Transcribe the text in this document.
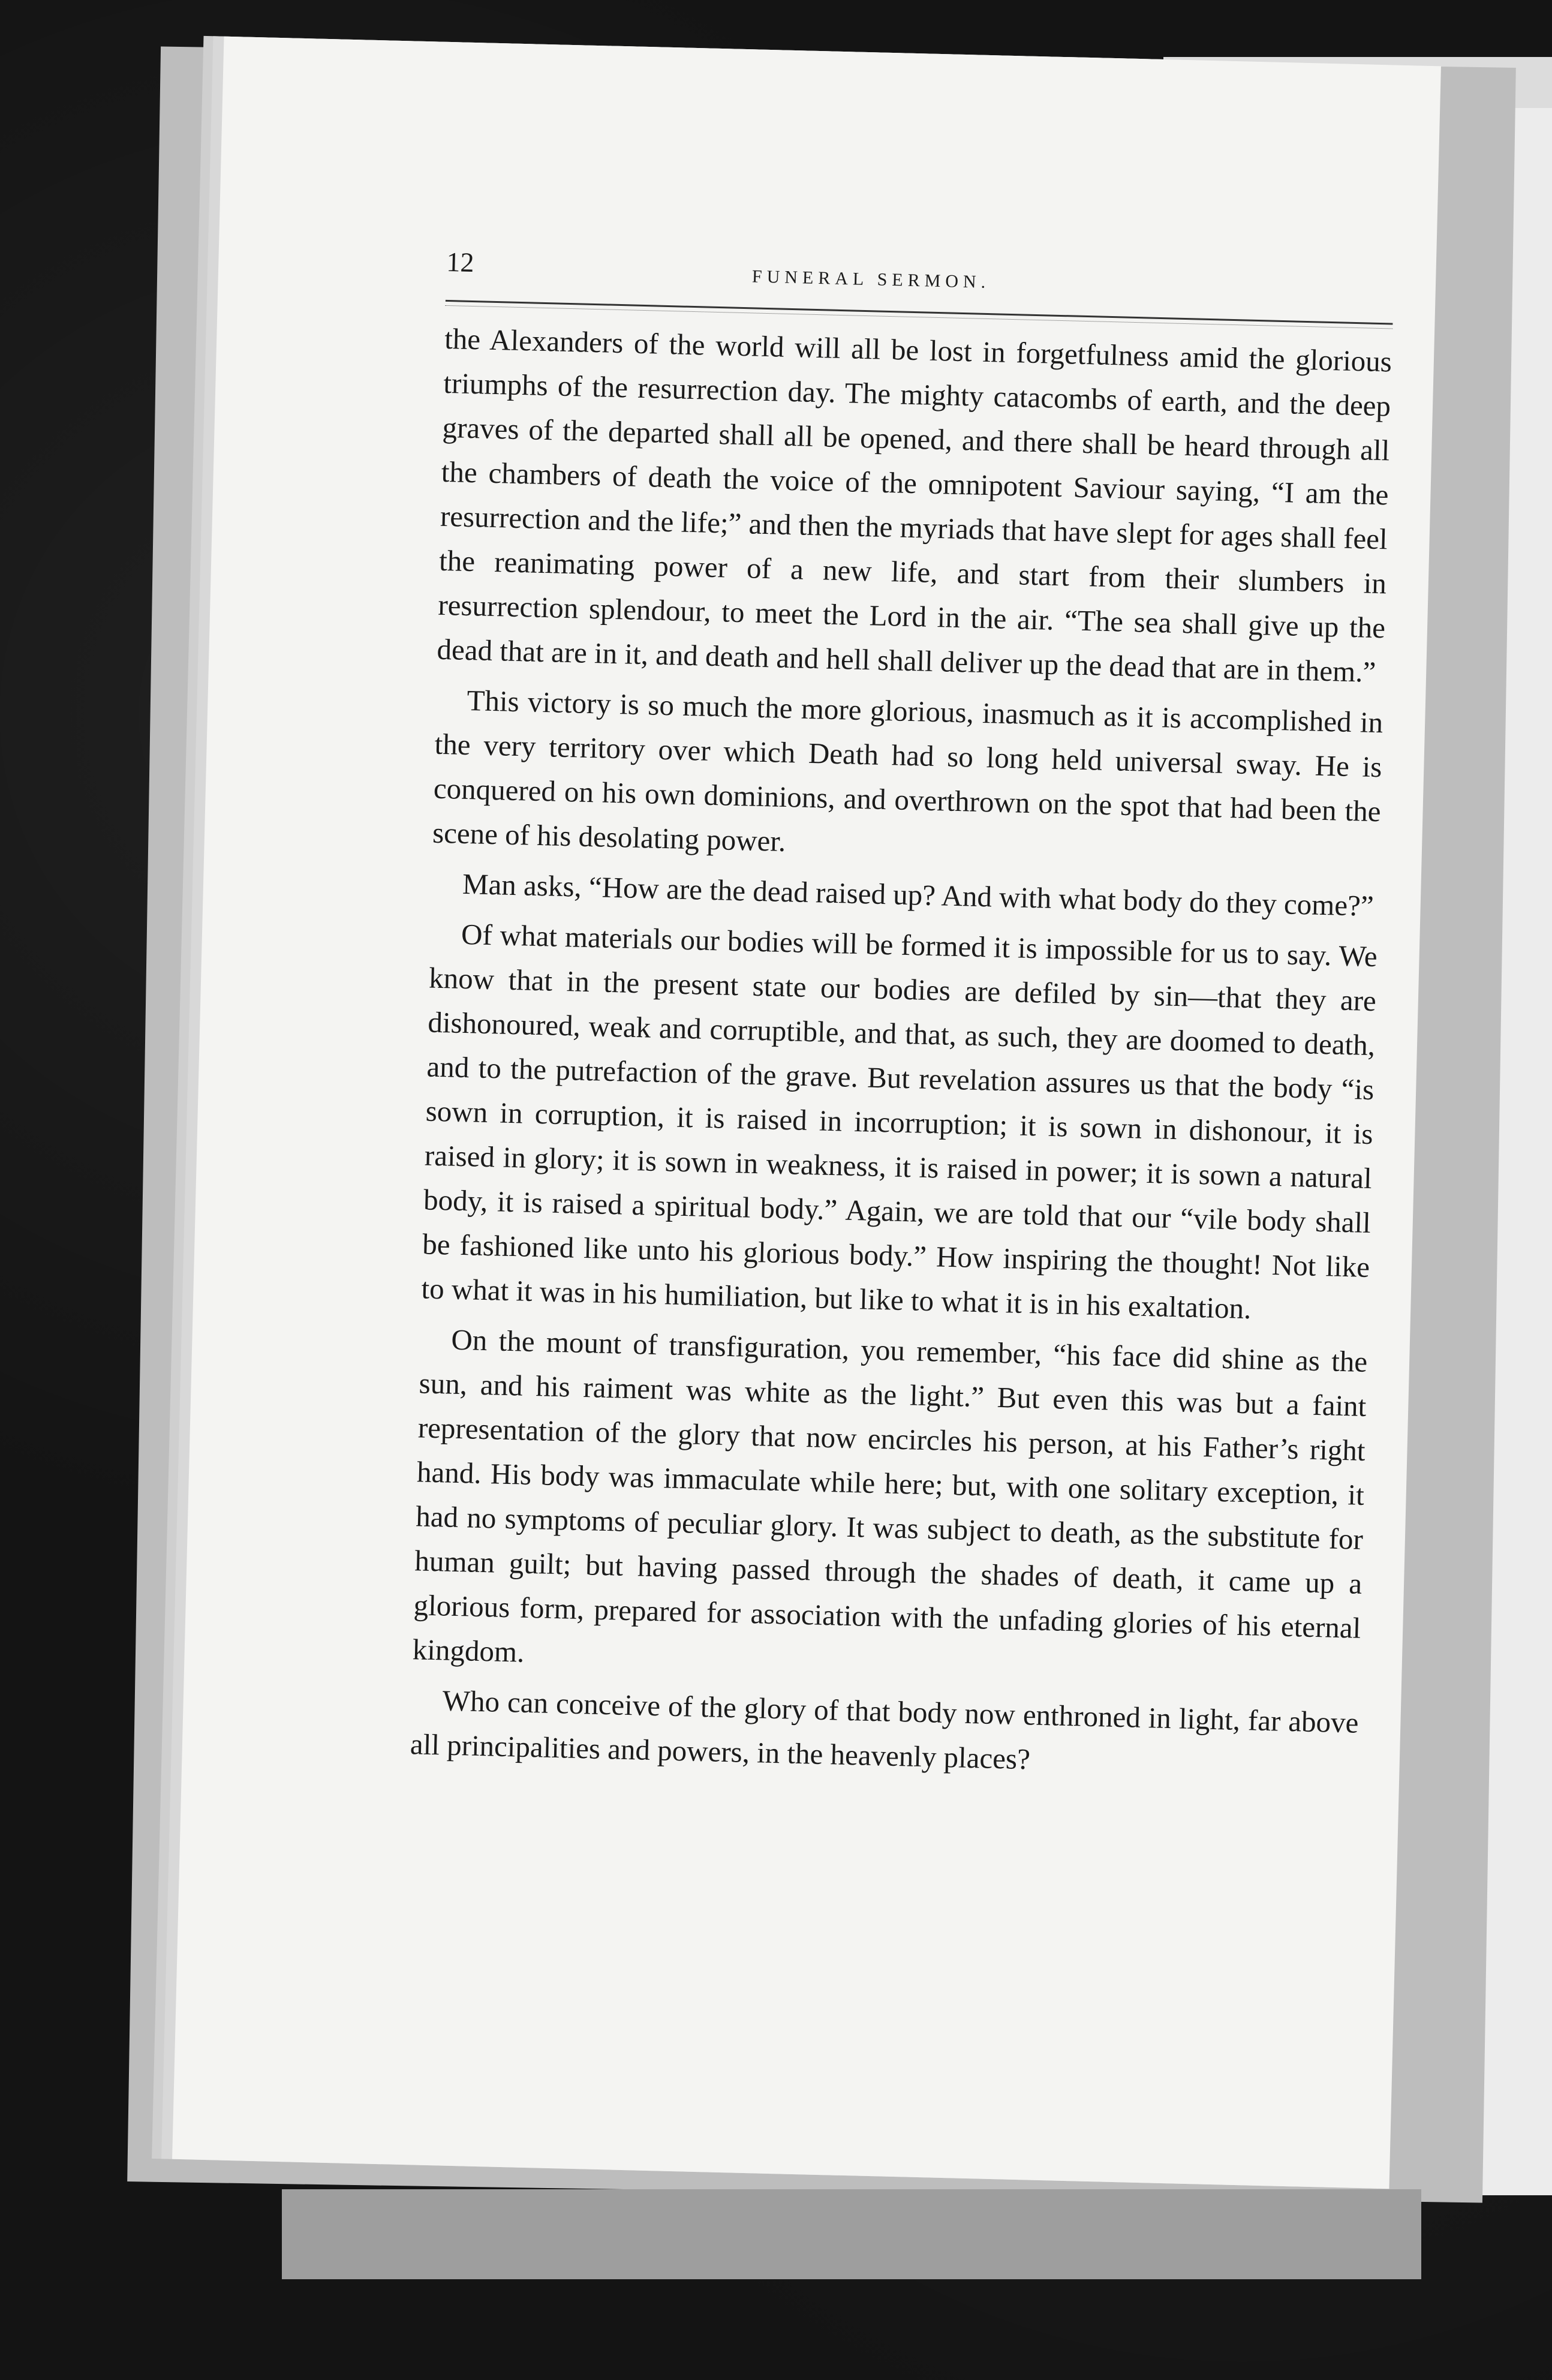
12
FUNERAL SERMON.

the Alexanders of the world will all be lost in forgetfulness amid the glorious triumphs of the resurrection day. The mighty catacombs of earth, and the deep graves of the departed shall all be opened, and there shall be heard through all the chambers of death the voice of the omnipotent Saviour saying, “I am the resurrection and the life;” and then the myriads that have slept for ages shall feel the reanimating power of a new life, and start from their slumbers in resurrection splendour, to meet the Lord in the air. “The sea shall give up the dead that are in it, and death and hell shall deliver up the dead that are in them.”

This victory is so much the more glorious, inasmuch as it is accomplished in the very territory over which Death had so long held universal sway. He is conquered on his own dominions, and overthrown on the spot that had been the scene of his desolating power.

Man asks, “How are the dead raised up? And with what body do they come?”

Of what materials our bodies will be formed it is impossible for us to say. We know that in the present state our bodies are defiled by sin—that they are dishonoured, weak and corruptible, and that, as such, they are doomed to death, and to the putrefaction of the grave. But revelation assures us that the body “is sown in corruption, it is raised in incorruption; it is sown in dishonour, it is raised in glory; it is sown in weakness, it is raised in power; it is sown a natural body, it is raised a spiritual body.” Again, we are told that our “vile body shall be fashioned like unto his glorious body.” How inspiring the thought! Not like to what it was in his humiliation, but like to what it is in his exaltation.

On the mount of transfiguration, you remember, “his face did shine as the sun, and his raiment was white as the light.” But even this was but a faint representation of the glory that now encircles his person, at his Father’s right hand. His body was immaculate while here; but, with one solitary exception, it had no symptoms of peculiar glory. It was subject to death, as the substitute for human guilt; but having passed through the shades of death, it came up a glorious form, prepared for association with the unfading glories of his eternal kingdom.

Who can conceive of the glory of that body now enthroned in light, far above all principalities and powers, in the heavenly places?
